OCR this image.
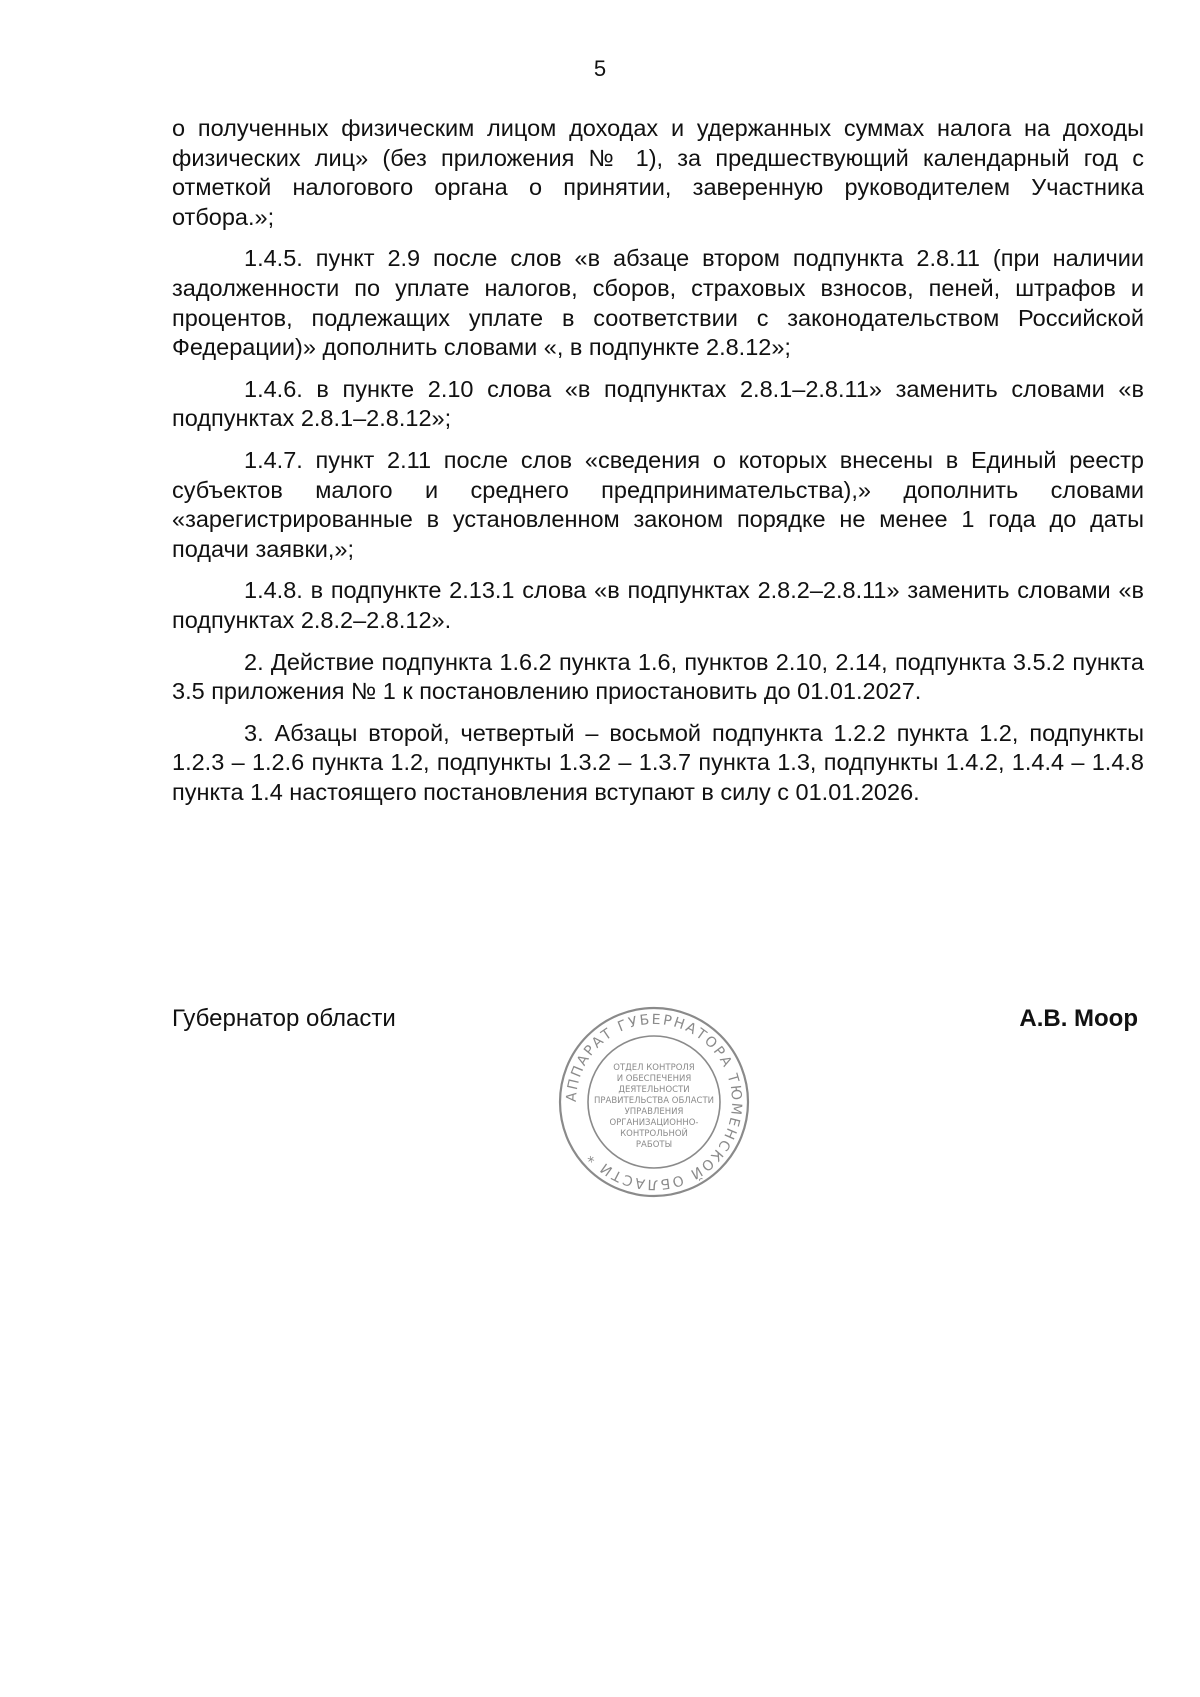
5

о полученных физическим лицом доходах и удержанных суммах налога на доходы физических лиц» (без приложения № 1), за предшествующий календарный год с отметкой налогового органа о принятии, заверенную руководителем Участника отбора.»;

1.4.5. пункт 2.9 после слов «в абзаце втором подпункта 2.8.11 (при наличии задолженности по уплате налогов, сборов, страховых взносов, пеней, штрафов и процентов, подлежащих уплате в соответствии с законодательством Российской Федерации)» дополнить словами «, в подпункте 2.8.12»;

1.4.6. в пункте 2.10 слова «в подпунктах 2.8.1–2.8.11» заменить словами «в подпунктах 2.8.1–2.8.12»;

1.4.7. пункт 2.11 после слов «сведения о которых внесены в Единый реестр субъектов малого и среднего предпринимательства),» дополнить словами «зарегистрированные в установленном законом порядке не менее 1 года до даты подачи заявки,»;

1.4.8. в подпункте 2.13.1 слова «в подпунктах 2.8.2–2.8.11» заменить словами «в подпунктах 2.8.2–2.8.12».

2. Действие подпункта 1.6.2 пункта 1.6, пунктов 2.10, 2.14, подпункта 3.5.2 пункта 3.5 приложения № 1 к постановлению приостановить до 01.01.2027.

3. Абзацы второй, четвертый – восьмой подпункта 1.2.2 пункта 1.2, подпункты 1.2.3 – 1.2.6 пункта 1.2, подпункты 1.3.2 – 1.3.7 пункта 1.3, подпункты 1.4.2, 1.4.4 – 1.4.8 пункта 1.4 настоящего постановления вступают в силу с 01.01.2026.

Губернатор области	А.В. Моор
АППАРАТ ГУБЕРНАТОРА ТЮМЕНСКОЙ ОБЛАСТИ *
ОТДЕЛ КОНТРОЛЯ
И ОБЕСПЕЧЕНИЯ
ДЕЯТЕЛЬНОСТИ
ПРАВИТЕЛЬСТВА ОБЛАСТИ
УПРАВЛЕНИЯ
ОРГАНИЗАЦИОННО-
КОНТРОЛЬНОЙ
РАБОТЫ
